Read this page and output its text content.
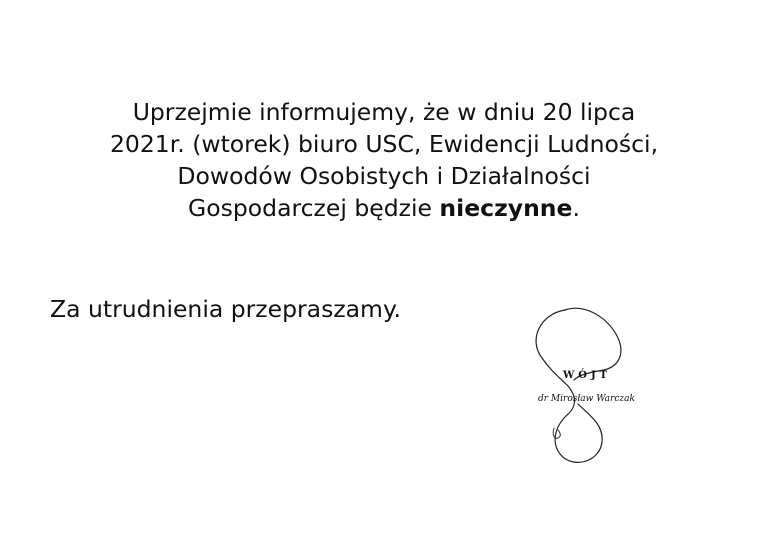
Uprzejmie informujemy, że w dniu 20 lipca
2021r. (wtorek) biuro USC, Ewidencji Ludności,
Dowodów Osobistych i Działalności
Gospodarczej będzie nieczynne.

Za utrudnienia przepraszamy.

WÓJT
dr Mirosław Warczak
